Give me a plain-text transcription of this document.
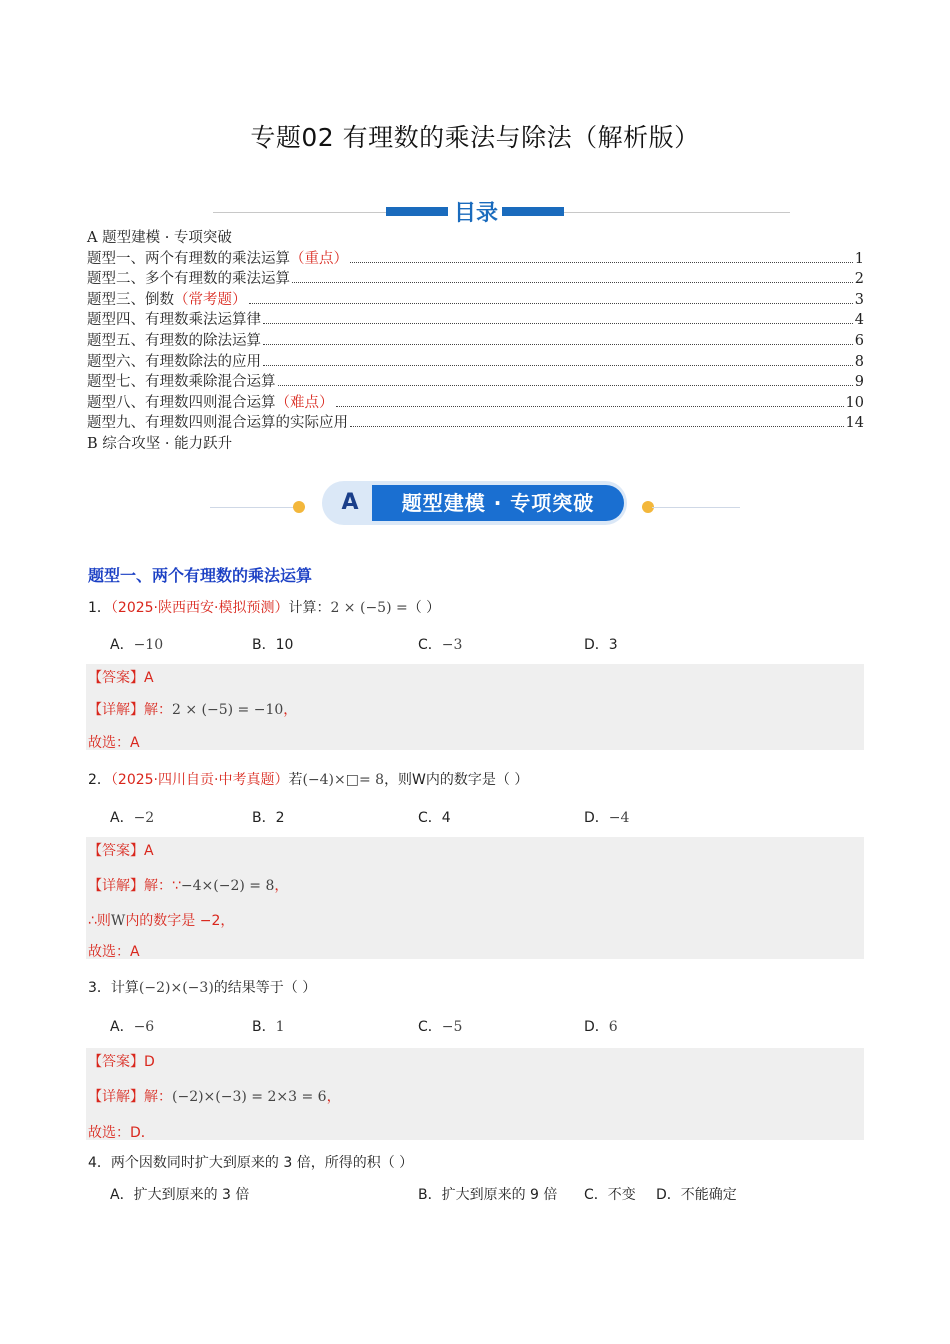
专题02 有理数的乘法与除法（解析版）
目录
A 题型建模 · 专项突破
题型一、两个有理数的乘法运算 （重点）	1
题型二、多个有理数的乘法运算	2
题型三、倒数 （常考题）	3
题型四、有理数乘法运算律	4
题型五、有理数的除法运算	6
题型六、有理数除法的应用	8
题型七、有理数乘除混合运算	9
题型八、有理数四则混合运算 （难点）	10
题型九、有理数四则混合运算的实际应用	14
B 综合攻坚 · 能力跃升
A	题型建模 · 专项突破
题型一、两个有理数的乘法运算
1．（2025·陕西西安·模拟预测）计算：2 × (−5) =（ ）
A．−10	B．10	C．−3	D．3
【答案】A
【详解】解：2 × (−5) = −10，
故选：A
2．（2025·四川自贡·中考真题）若(−4)×□= 8，则W内的数字是（ ）
A．−2	B．2	C．4	D．−4
【答案】A
【详解】解：∵−4×(−2) = 8，
∴则W内的数字是 −2，
故选：A
3．计算(−2)×(−3)的结果等于（ ）
A．−6	B．1	C．−5	D．6
【答案】D
【详解】解：(−2)×(−3) = 2×3 = 6，
故选：D．
4．两个因数同时扩大到原来的 3 倍，所得的积（ ）
A．扩大到原来的 3 倍	B．扩大到原来的 9 倍 C．不变 D．不能确定
